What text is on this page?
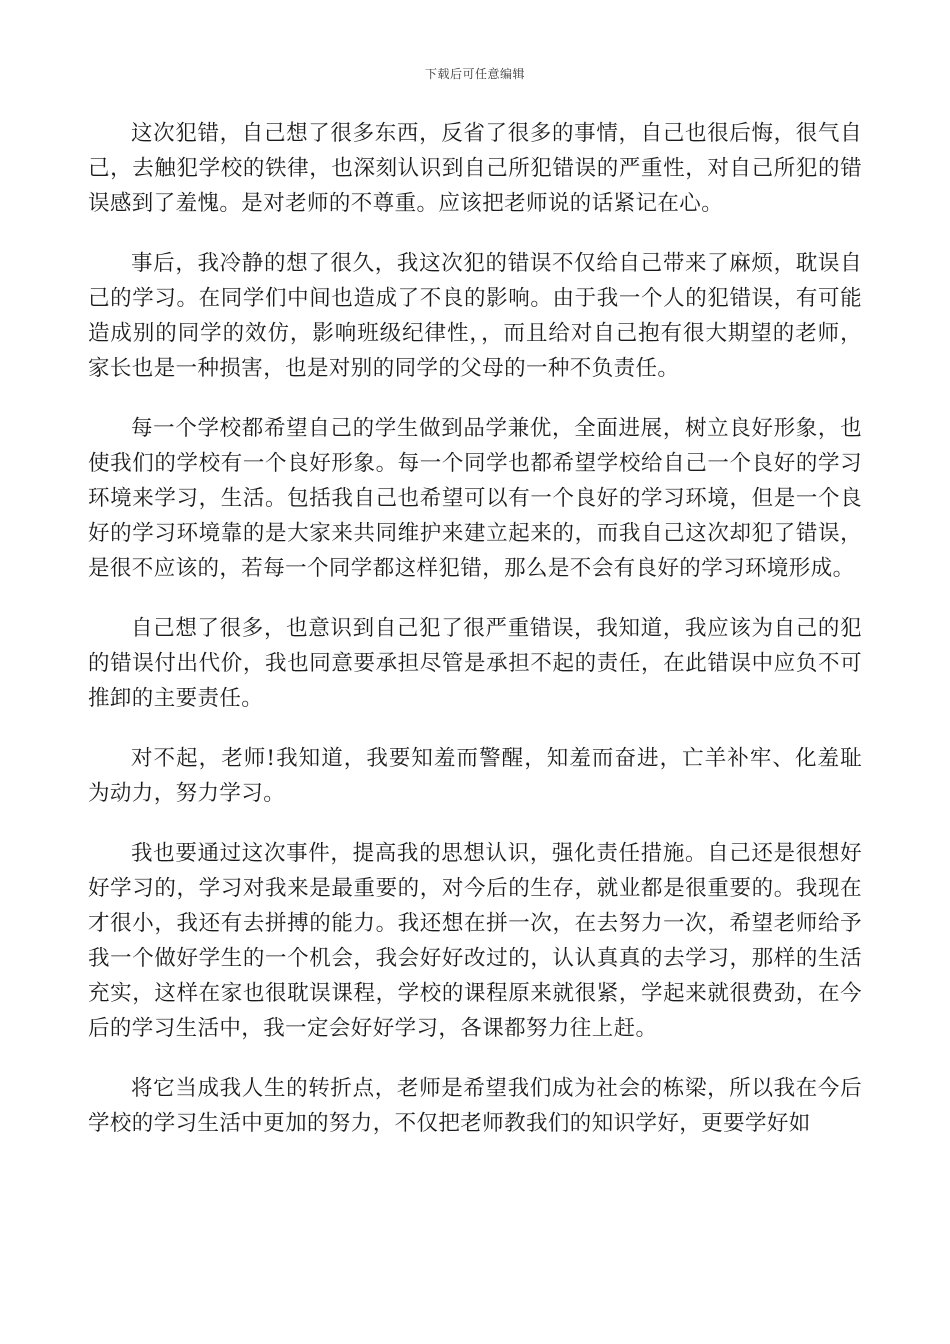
下载后可任意编辑

这次犯错，自己想了很多东西，反省了很多的事情，自己也很后悔，很气自己，去触犯学校的铁律，也深刻认识到自己所犯错误的严重性，对自己所犯的错误感到了羞愧。是对老师的不尊重。应该把老师说的话紧记在心。

事后，我冷静的想了很久，我这次犯的错误不仅给自己带来了麻烦，耽误自己的学习。在同学们中间也造成了不良的影响。由于我一个人的犯错误，有可能造成别的同学的效仿，影响班级纪律性，，而且给对自己抱有很大期望的老师，家长也是一种损害，也是对别的同学的父母的一种不负责任。

每一个学校都希望自己的学生做到品学兼优，全面进展，树立良好形象，也使我们的学校有一个良好形象。每一个同学也都希望学校给自己一个良好的学习环境来学习，生活。包括我自己也希望可以有一个良好的学习环境，但是一个良好的学习环境靠的是大家来共同维护来建立起来的，而我自己这次却犯了错误，是很不应该的，若每一个同学都这样犯错，那么是不会有良好的学习环境形成。

自己想了很多，也意识到自己犯了很严重错误，我知道，我应该为自己的犯的错误付出代价，我也同意要承担尽管是承担不起的责任，在此错误中应负不可推卸的主要责任。

对不起，老师!我知道，我要知羞而警醒，知羞而奋进，亡羊补牢、化羞耻为动力，努力学习。

我也要通过这次事件，提高我的思想认识，强化责任措施。自己还是很想好好学习的，学习对我来是最重要的，对今后的生存，就业都是很重要的。我现在才很小，我还有去拼搏的能力。我还想在拼一次，在去努力一次，希望老师给予我一个做好学生的一个机会，我会好好改过的，认认真真的去学习，那样的生活充实，这样在家也很耽误课程，学校的课程原来就很紧，学起来就很费劲，在今后的学习生活中，我一定会好好学习，各课都努力往上赶。

将它当成我人生的转折点，老师是希望我们成为社会的栋梁，所以我在今后学校的学习生活中更加的努力，不仅把老师教我们的知识学好，更要学好如
